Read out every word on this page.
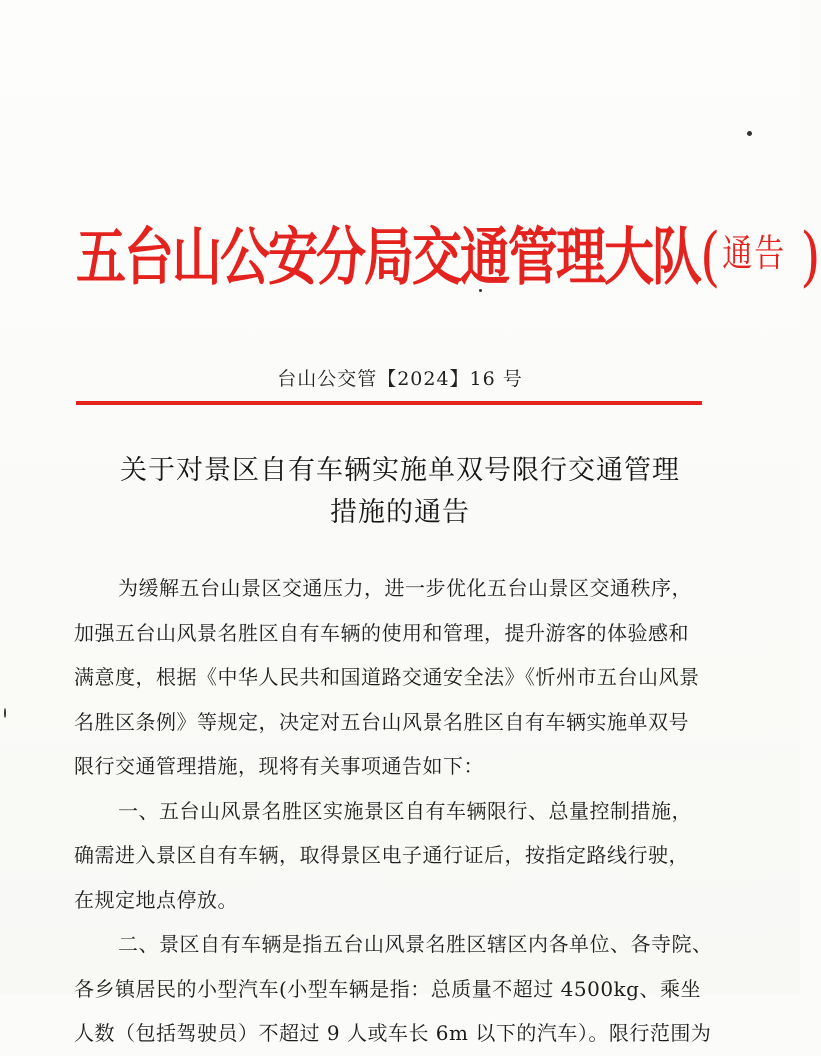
五台山公安分局交通管理大队($^{通告}$ )
台山公交管【2024】16 号
关于对景区自有车辆实施单双号限行交通管理
措施的通告
为缓解五台山景区交通压力，进一步优化五台山景区交通秩序，
加强五台山风景名胜区自有车辆的使用和管理，提升游客的体验感和
满意度，根据《中华人民共和国道路交通安全法》《忻州市五台山风景
名胜区条例》等规定，决定对五台山风景名胜区自有车辆实施单双号
限行交通管理措施，现将有关事项通告如下：
一、五台山风景名胜区实施景区自有车辆限行、总量控制措施，
确需进入景区自有车辆，取得景区电子通行证后，按指定路线行驶，
在规定地点停放。
二、景区自有车辆是指五台山风景名胜区辖区内各单位、各寺院、
各乡镇居民的小型汽车(小型车辆是指：总质量不超过 4500kg、乘坐
人数（包括驾驶员）不超过 9 人或车长 6m 以下的汽车）。限行范围为
